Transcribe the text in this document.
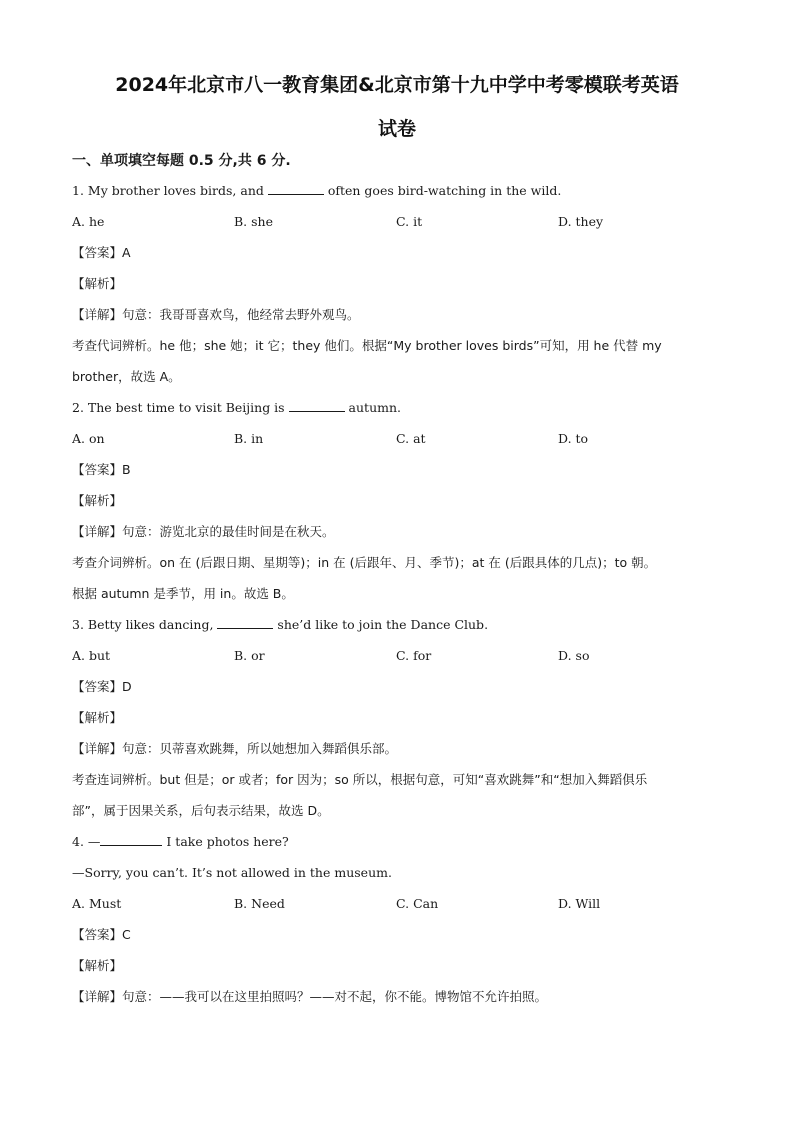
2024年北京市八一教育集团&北京市第十九中学中考零模联考英语
试卷
一、单项填空每题 0.5 分,共 6 分.
1. My brother loves birds, and	often goes bird-watching in the wild.
A. he	B. she	C. it	D. they
【答案】A
【解析】
【详解】句意：我哥哥喜欢鸟，他经常去野外观鸟。
考查代词辨析。he 他；she 她；it 它；they 他们。根据“My brother loves birds”可知，用 he 代替 my
brother，故选 A。
2. The best time to visit Beijing is	autumn.
A. on	B. in	C. at	D. to
【答案】B
【解析】
【详解】句意：游览北京的最佳时间是在秋天。
考查介词辨析。on 在 (后跟日期、星期等)；in 在 (后跟年、月、季节)；at 在 (后跟具体的几点)；to 朝。
根据 autumn 是季节，用 in。故选 B。
3. Betty likes dancing,	she’d like to join the Dance Club.
A. but	B. or	C. for	D. so
【答案】D
【解析】
【详解】句意：贝蒂喜欢跳舞，所以她想加入舞蹈俱乐部。
考查连词辨析。but 但是；or 或者；for 因为；so 所以，根据句意，可知“喜欢跳舞”和“想加入舞蹈俱乐
部”，属于因果关系，后句表示结果，故选 D。
4. —	I take photos here?
—Sorry, you can’t. It’s not allowed in the museum.
A. Must	B. Need	C. Can	D. Will
【答案】C
【解析】
【详解】句意：——我可以在这里拍照吗？——对不起，你不能。博物馆不允许拍照。
